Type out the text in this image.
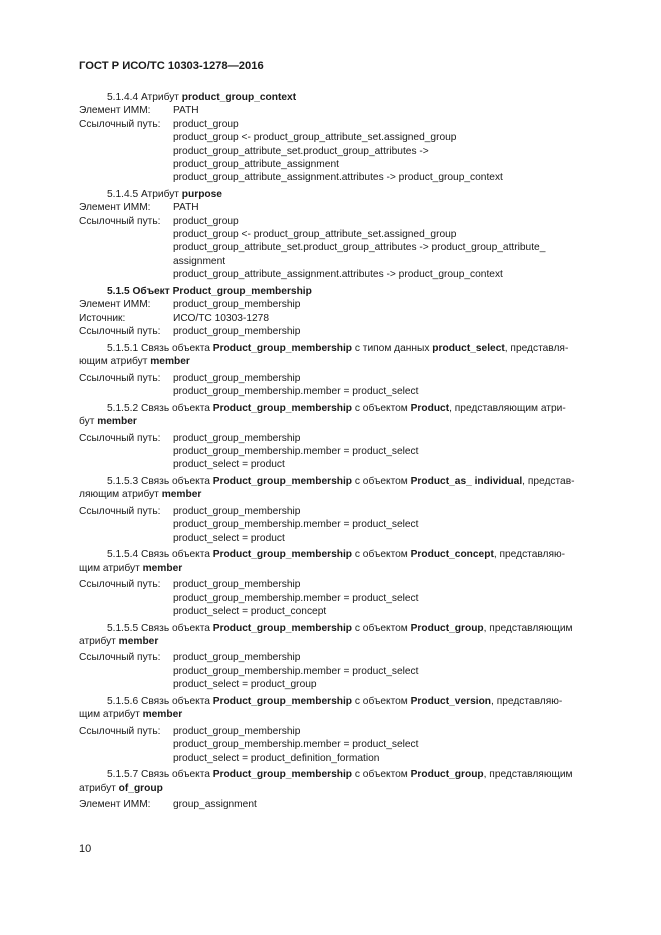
ГОСТ Р ИСО/ТС 10303-1278—2016
5.1.4.4 Атрибут product_group_context
Элемент ИММ: PATH
Ссылочный путь: product_group
product_group <- product_group_attribute_set.assigned_group
product_group_attribute_set.product_group_attributes ->
product_group_attribute_assignment
product_group_attribute_assignment.attributes -> product_group_context
5.1.4.5 Атрибут purpose
Элемент ИММ: PATH
Ссылочный путь: product_group
product_group <- product_group_attribute_set.assigned_group
product_group_attribute_set.product_group_attributes -> product_group_attribute_
assignment
product_group_attribute_assignment.attributes -> product_group_context
5.1.5 Объект Product_group_membership
Элемент ИММ: product_group_membership
Источник:	ИСО/ТС 10303-1278
Ссылочный путь: product_group_membership
5.1.5.1 Связь объекта Product_group_membership с типом данных product_select, представля-
ющим атрибут member
Ссылочный путь: product_group_membership
product_group_membership.member = product_select
5.1.5.2 Связь объекта Product_group_membership с объектом Product, представляющим атри-
бут member
Ссылочный путь: product_group_membership
product_group_membership.member = product_select
product_select = product
5.1.5.3 Связь объекта Product_group_membership с объектом Product_as_ individual, представ-
ляющим атрибут member
Ссылочный путь: product_group_membership
product_group_membership.member = product_select
product_select = product
5.1.5.4 Связь объекта Product_group_membership с объектом Product_concept, представляю-
щим атрибут member
Ссылочный путь: product_group_membership
product_group_membership.member = product_select
product_select = product_concept
5.1.5.5 Связь объекта Product_group_membership с объектом Product_group, представляющим
атрибут member
Ссылочный путь: product_group_membership
product_group_membership.member = product_select
product_select = product_group
5.1.5.6 Связь объекта Product_group_membership с объектом Product_version, представляю-
щим атрибут member
Ссылочный путь: product_group_membership
product_group_membership.member = product_select
product_select = product_definition_formation
5.1.5.7 Связь объекта Product_group_membership с объектом Product_group, представляющим
атрибут of_group
Элемент ИММ: group_assignment
10
